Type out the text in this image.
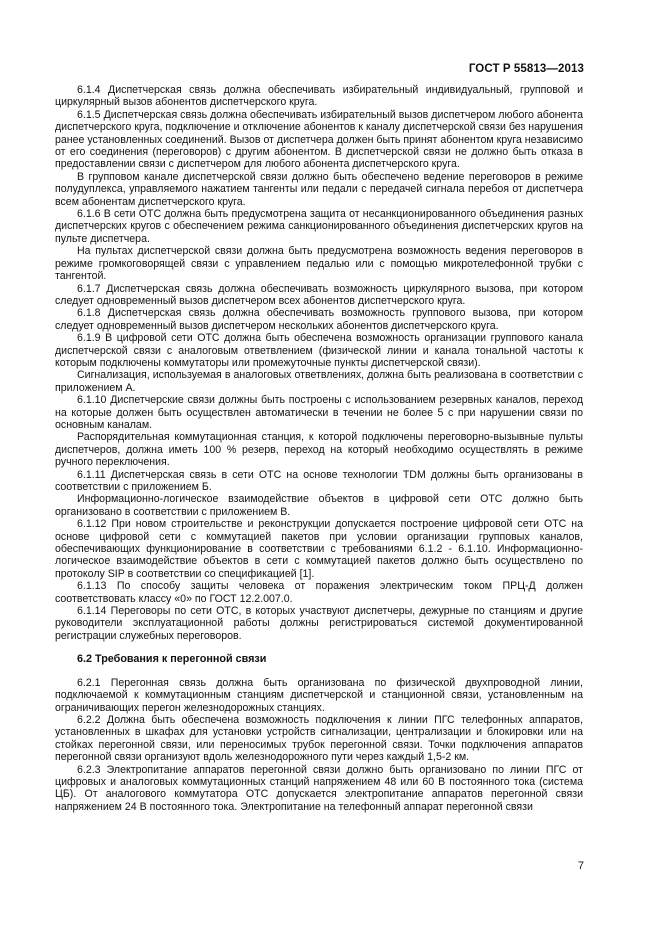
ГОСТ Р 55813—2013

6.1.4 Диспетчерская связь должна обеспечивать избирательный индивидуальный, групповой и циркулярный вызов абонентов диспетчерского круга.

6.1.5 Диспетчерская связь должна обеспечивать избирательный вызов диспетчером любого абонента диспетчерского круга, подключение и отключение абонентов к каналу диспетчерской связи без нарушения ранее установленных соединений. Вызов от диспетчера должен быть принят абонентом круга независимо от его соединения (переговоров) с другим абонентом. В диспетчерской связи не должно быть отказа в предоставлении связи с диспетчером для любого абонента диспетчерского круга.

В групповом канале диспетчерской связи должно быть обеспечено ведение переговоров в режиме полудуплекса, управляемого нажатием тангенты или педали с передачей сигнала перебоя от диспетчера всем абонентам диспетчерского круга.

6.1.6 В сети ОТС должна быть предусмотрена защита от несанкционированного объединения разных диспетчерских кругов с обеспечением режима санкционированного объединения диспетчерских кругов на пульте диспетчера.

На пультах диспетчерской связи должна быть предусмотрена возможность ведения переговоров в режиме громкоговорящей связи с управлением педалью или с помощью микротелефонной трубки с тангентой.

6.1.7 Диспетчерская связь должна обеспечивать возможность циркулярного вызова, при котором следует одновременный вызов диспетчером всех абонентов диспетчерского круга.

6.1.8 Диспетчерская связь должна обеспечивать возможность группового вызова, при котором следует одновременный вызов диспетчером нескольких абонентов диспетчерского круга.

6.1.9 В цифровой сети ОТС должна быть обеспечена возможность организации группового канала диспетчерской связи с аналоговым ответвлением (физической линии и канала тональной частоты к которым подключены коммутаторы или промежуточные пункты диспетчерской связи).

Сигнализация, используемая в аналоговых ответвлениях, должна быть реализована в соответствии с приложением А.

6.1.10 Диспетчерские связи должны быть построены с использованием резервных каналов, переход на которые должен быть осуществлен автоматически в течении не более 5 с при нарушении связи по основным каналам.

Распорядительная коммутационная станция, к которой подключены переговорно-вызывные пульты диспетчеров, должна иметь 100 % резерв, переход на который необходимо осуществлять в режиме ручного переключения.

6.1.11 Диспетчерская связь в сети ОТС на основе технологии TDM должны быть организованы в соответствии с приложением Б.

Информационно-логическое взаимодействие объектов в цифровой сети ОТС должно быть организовано в соответствии с приложением В.

6.1.12 При новом строительстве и реконструкции допускается построение цифровой сети ОТС на основе цифровой сети с коммутацией пакетов при условии организации групповых каналов, обеспечивающих функционирование в соответствии с требованиями 6.1.2 - 6.1.10. Информационно-логическое взаимодействие объектов в сети с коммутацией пакетов должно быть осуществлено по протоколу SIP в соответствии со спецификацией [1].

6.1.13 По способу защиты человека от поражения электрическим током ПРЦ-Д должен соответствовать классу «0» по ГОСТ 12.2.007.0.

6.1.14 Переговоры по сети ОТС, в которых участвуют диспетчеры, дежурные по станциям и другие руководители эксплуатационной работы должны регистрироваться системой документированной регистрации служебных переговоров.

6.2 Требования к перегонной связи

6.2.1 Перегонная связь должна быть организована по физической двухпроводной линии, подключаемой к коммутационным станциям диспетчерской и станционной связи, установленным на ограничивающих перегон железнодорожных станциях.

6.2.2 Должна быть обеспечена возможность подключения к линии ПГС телефонных аппаратов, установленных в шкафах для установки устройств сигнализации, централизации и блокировки или на стойках перегонной связи, или переносимых трубок перегонной связи. Точки подключения аппаратов перегонной связи организуют вдоль железнодорожного пути через каждый 1,5-2 км.

6.2.3 Электропитание аппаратов перегонной связи должно быть организовано по линии ПГС от цифровых и аналоговых коммутационных станций напряжением 48 или 60 В постоянного тока (система ЦБ). От аналогового коммутатора ОТС допускается электропитание аппаратов перегонной связи напряжением 24 В постоянного тока. Электропитание на телефонный аппарат перегонной связи

7
